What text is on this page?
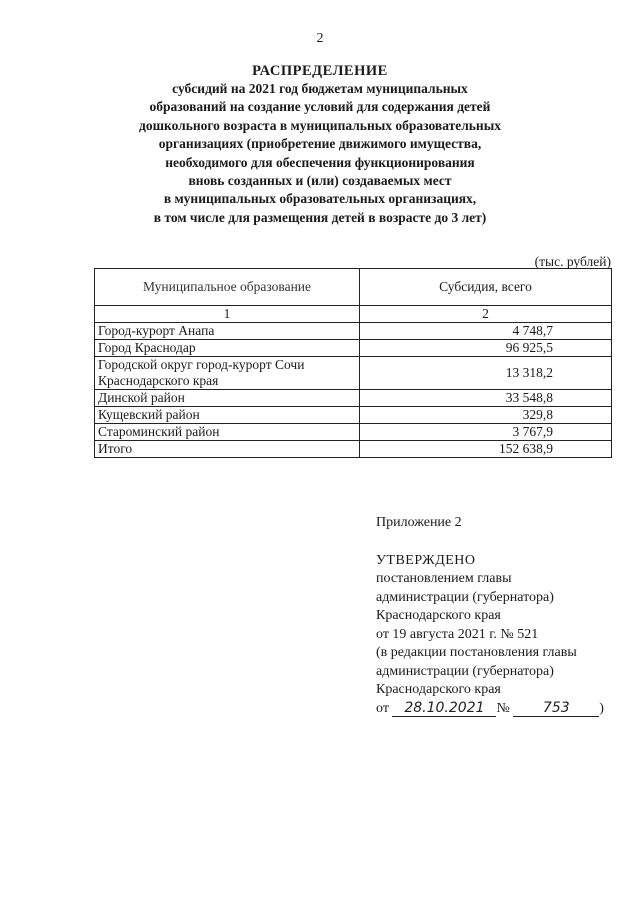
2
РАСПРЕДЕЛЕНИЕ
субсидий на 2021 год бюджетам муниципальных
образований на создание условий для содержания детей
дошкольного возраста в муниципальных образовательных
организациях (приобретение движимого имущества,
необходимого для обеспечения функционирования
вновь созданных и (или) создаваемых мест
в муниципальных образовательных организациях,
в том числе для размещения детей в возрасте до 3 лет)
(тыс. рублей)
Муниципальное образование	Субсидия, всего
1	2
Город-курорт Анапа	4 748,7
Город Краснодар	96 925,5
Городской округ город-курорт Сочи Краснодарского края	13 318,2
Динской район	33 548,8
Кущевский район	329,8
Староминский район	3 767,9
Итого	152 638,9
Приложение 2
УТВЕРЖДЕНО
постановлением главы
администрации (губернатора)
Краснодарского края
от 19 августа 2021 г. № 521
(в редакции постановления главы
администрации (губернатора)
Краснодарского края
от 28.10.2021 № 753 )
